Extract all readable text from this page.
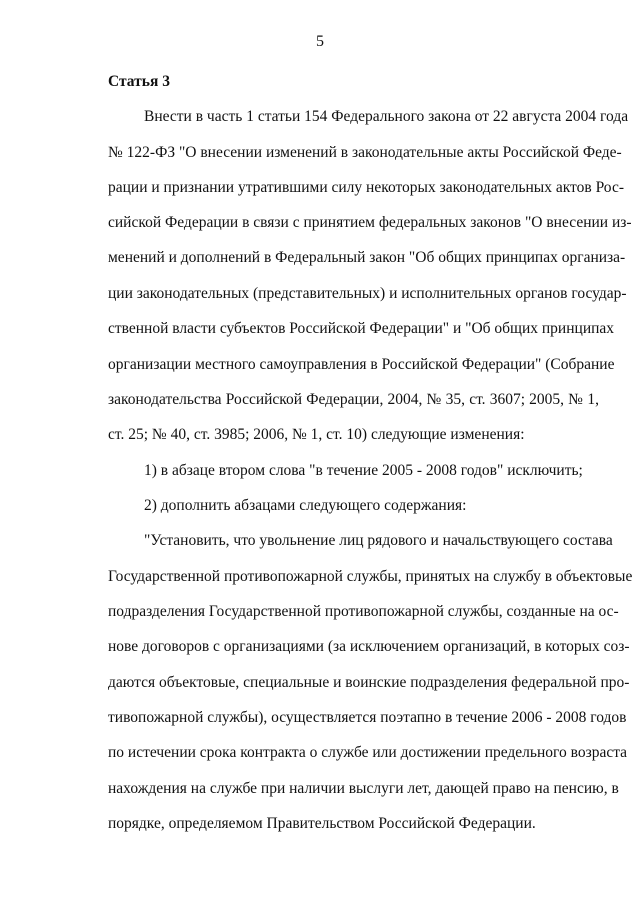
5
Статья 3
Внести в часть 1 статьи 154 Федерального закона от 22 августа 2004 года
№ 122-ФЗ "О внесении изменений в законодательные акты Российской Феде-
рации и признании утратившими силу некоторых законодательных актов Рос-
сийской Федерации в связи с принятием федеральных законов "О внесении из-
менений и дополнений в Федеральный закон "Об общих принципах организа-
ции законодательных (представительных) и исполнительных органов государ-
ственной власти субъектов Российской Федерации" и "Об общих принципах
организации местного самоуправления в Российской Федерации" (Собрание
законодательства Российской Федерации, 2004, № 35, ст. 3607; 2005, № 1,
ст. 25; № 40, ст. 3985; 2006, № 1, ст. 10) следующие изменения:
1) в абзаце втором слова "в течение 2005 - 2008 годов" исключить;
2) дополнить абзацами следующего содержания:
"Установить, что увольнение лиц рядового и начальствующего состава
Государственной противопожарной службы, принятых на службу в объектовые
подразделения Государственной противопожарной службы, созданные на ос-
нове договоров с организациями (за исключением организаций, в которых соз-
даются объектовые, специальные и воинские подразделения федеральной про-
тивопожарной службы), осуществляется поэтапно в течение 2006 - 2008 годов
по истечении срока контракта о службе или достижении предельного возраста
нахождения на службе при наличии выслуги лет, дающей право на пенсию, в
порядке, определяемом Правительством Российской Федерации.
